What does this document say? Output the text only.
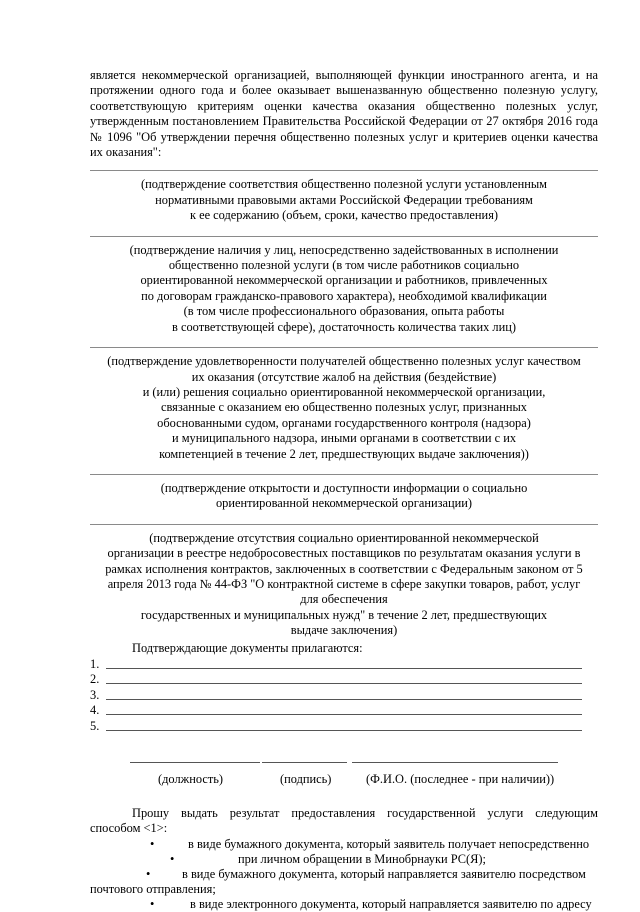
является некоммерческой организацией, выполняющей функции иностранного агента, и на протяжении одного года и более оказывает вышеназванную общественно полезную услугу, соответствующую критериям оценки качества оказания общественно полезных услуг, утвержденным постановлением Правительства Российской Федерации от 27 октября 2016 года № 1096 "Об утверждении перечня общественно полезных услуг и критериев оценки качества их оказания":

(подтверждение соответствия общественно полезной услуги установленным

нормативными правовыми актами Российской Федерации требованиям

к ее содержанию (объем, сроки, качество предоставления)

(подтверждение наличия у лиц, непосредственно задействованных в исполнении

общественно полезной услуги (в том числе работников социально

ориентированной некоммерческой организации и работников, привлеченных

по договорам гражданско-правового характера), необходимой квалификации

(в том числе профессионального образования, опыта работы

в соответствующей сфере), достаточность количества таких лиц)

(подтверждение удовлетворенности получателей общественно полезных услуг качеством

их оказания (отсутствие жалоб на действия (бездействие)

и (или) решения социально ориентированной некоммерческой организации,

связанные с оказанием ею общественно полезных услуг, признанных

обоснованными судом, органами государственного контроля (надзора)

и муниципального надзора, иными органами в соответствии с их

компетенцией в течение 2 лет, предшествующих выдаче заключения))

(подтверждение открытости и доступности информации о социально

ориентированной некоммерческой организации)

(подтверждение отсутствия социально ориентированной некоммерческой

организации в реестре недобросовестных поставщиков по результатам оказания услуги в

рамках исполнения контрактов, заключенных в соответствии с Федеральным законом от 5

апреля 2013 года № 44-ФЗ "О контрактной системе в сфере закупки товаров, работ, услуг

для обеспечения

государственных и муниципальных нужд" в течение 2 лет, предшествующих

выдаче заключения)

Подтверждающие документы прилагаются:

1.
2.
3.
4.
5.
(должность)	(подпись)	(Ф.И.О. (последнее - при наличии))

Прошу выдать результат предоставления государственной услуги следующим способом <1>:

•	в виде бумажного документа, который заявитель получает непосредственно
•	при личном обращении в Минобрнауки РС(Я);
•	в виде бумажного документа, который направляется заявителю посредством
почтового отправления;
•	в виде электронного документа, который направляется заявителю по адресу
